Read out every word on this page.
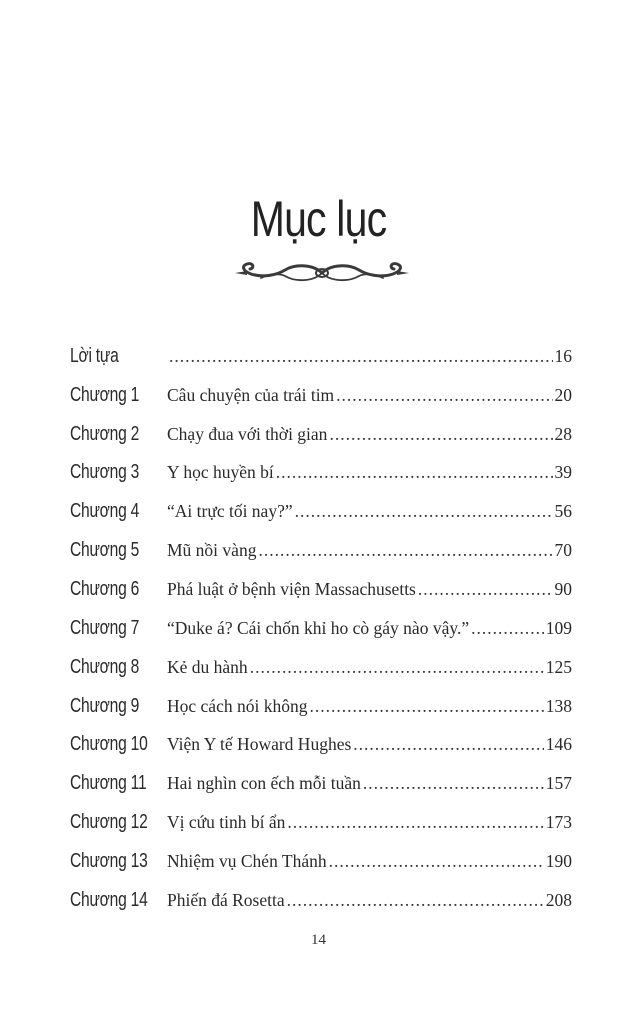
Mục lục
Lời tựa .....	16
Chương 1	Câu chuyện của trái tim .....	20
Chương 2	Chạy đua với thời gian .....	28
Chương 3	Y học huyền bí .....	39
Chương 4	“Ai trực tối nay?” .....	56
Chương 5	Mũ nồi vàng .....	70
Chương 6	Phá luật ở bệnh viện Massachusetts .....	90
Chương 7	“Duke á? Cái chốn khỉ ho cò gáy nào vậy.” .....	109
Chương 8	Kẻ du hành .....	125
Chương 9	Học cách nói không .....	138
Chương 10 Viện Y tế Howard Hughes .....	146
Chương 11 Hai nghìn con ếch mỗi tuần .....	157
Chương 12 Vị cứu tinh bí ẩn .....	173
Chương 13 Nhiệm vụ Chén Thánh .....	190
Chương 14 Phiến đá Rosetta .....	208
14
